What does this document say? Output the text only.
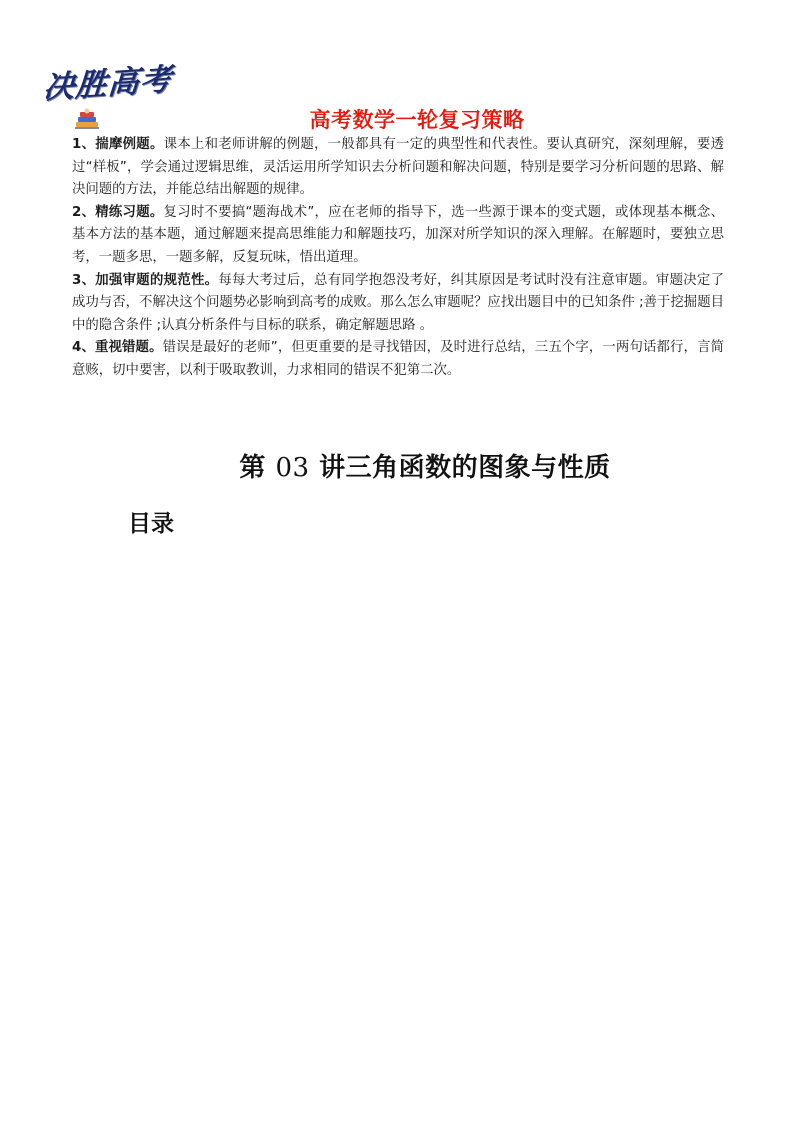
决胜高考
高考数学一轮复习策略

1、揣摩例题。课本上和老师讲解的例题，一般都具有一定的典型性和代表性。要认真研究，深刻理解，要透过“样板”，学会通过逻辑思维，灵活运用所学知识去分析问题和解决问题，特别是要学习分析问题的思路、解决问题的方法，并能总结出解题的规律。

2、精练习题。复习时不要搞“题海战术”，应在老师的指导下，选一些源于课本的变式题，或体现基本概念、基本方法的基本题，通过解题来提高思维能力和解题技巧，加深对所学知识的深入理解。在解题时，要独立思考，一题多思，一题多解，反复玩味，悟出道理。

3、加强审题的规范性。每每大考过后，总有同学抱怨没考好，纠其原因是考试时没有注意审题。审题决定了成功与否，不解决这个问题势必影响到高考的成败。那么怎么审题呢？应找出题目中的已知条件 ;善于挖掘题目中的隐含条件 ;认真分析条件与目标的联系，确定解题思路 。

4、重视错题。错误是最好的老师”，但更重要的是寻找错因，及时进行总结，三五个字，一两句话都行，言简意赅，切中要害，以利于吸取教训，力求相同的错误不犯第二次。

第 03 讲三角函数的图象与性质
目录
